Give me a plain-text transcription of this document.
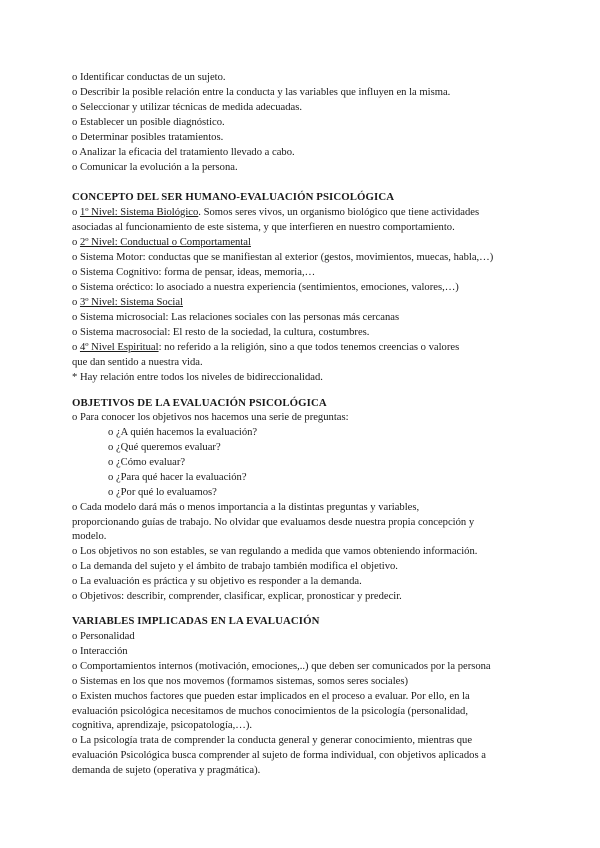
o Identificar conductas de un sujeto.
o Describir la posible relación entre la conducta y las variables que influyen en la misma.
o Seleccionar y utilizar técnicas de medida adecuadas.
o Establecer un posible diagnóstico.
o Determinar posibles tratamientos.
o Analizar la eficacia del tratamiento llevado a cabo.
o Comunicar la evolución a la persona.
CONCEPTO DEL SER HUMANO-EVALUACIÓN PSICOLÓGICA
o 1º Nivel: Sistema Biológico. Somos seres vivos, un organismo biológico que tiene actividades
asociadas al funcionamiento de este sistema, y que interfieren en nuestro comportamiento.
o 2º Nivel: Conductual o Comportamental
o Sistema Motor: conductas que se manifiestan al exterior (gestos, movimientos, muecas, habla,…)
o Sistema Cognitivo: forma de pensar, ideas, memoria,…
o Sistema oréctico: lo asociado a nuestra experiencia (sentimientos, emociones, valores,…)
o 3º Nivel: Sistema Social
o Sistema microsocial: Las relaciones sociales con las personas más cercanas
o Sistema macrosocial: El resto de la sociedad, la cultura, costumbres.
o 4º Nivel Espiritual: no referido a la religión, sino a que todos tenemos creencias o valores
que dan sentido a nuestra vida.
* Hay relación entre todos los niveles de bidireccionalidad.
OBJETIVOS DE LA EVALUACIÓN PSICOLÓGICA
o Para conocer los objetivos nos hacemos una serie de preguntas:
o ¿A quién hacemos la evaluación?
o ¿Qué queremos evaluar?
o ¿Cómo evaluar?
o ¿Para qué hacer la evaluación?
o ¿Por qué lo evaluamos?
o Cada modelo dará más o menos importancia a la distintas preguntas y variables,
proporcionando guías de trabajo. No olvidar que evaluamos desde nuestra propia concepción y
modelo.
o Los objetivos no son estables, se van regulando a medida que vamos obteniendo información.
o La demanda del sujeto y el ámbito de trabajo también modifica el objetivo.
o La evaluación es práctica y su objetivo es responder a la demanda.
o Objetivos: describir, comprender, clasificar, explicar, pronosticar y predecir.
VARIABLES IMPLICADAS EN LA EVALUACIÓN
o Personalidad
o Interacción
o Comportamientos internos (motivación, emociones,..) que deben ser comunicados por la persona
o Sistemas en los que nos movemos (formamos sistemas, somos seres sociales)
o Existen muchos factores que pueden estar implicados en el proceso a evaluar. Por ello, en la
evaluación psicológica necesitamos de muchos conocimientos de la psicología (personalidad,
cognitiva, aprendizaje, psicopatología,…).
o La psicología trata de comprender la conducta general y generar conocimiento, mientras que
evaluación Psicológica busca comprender al sujeto de forma individual, con objetivos aplicados a
demanda de sujeto (operativa y pragmática).
